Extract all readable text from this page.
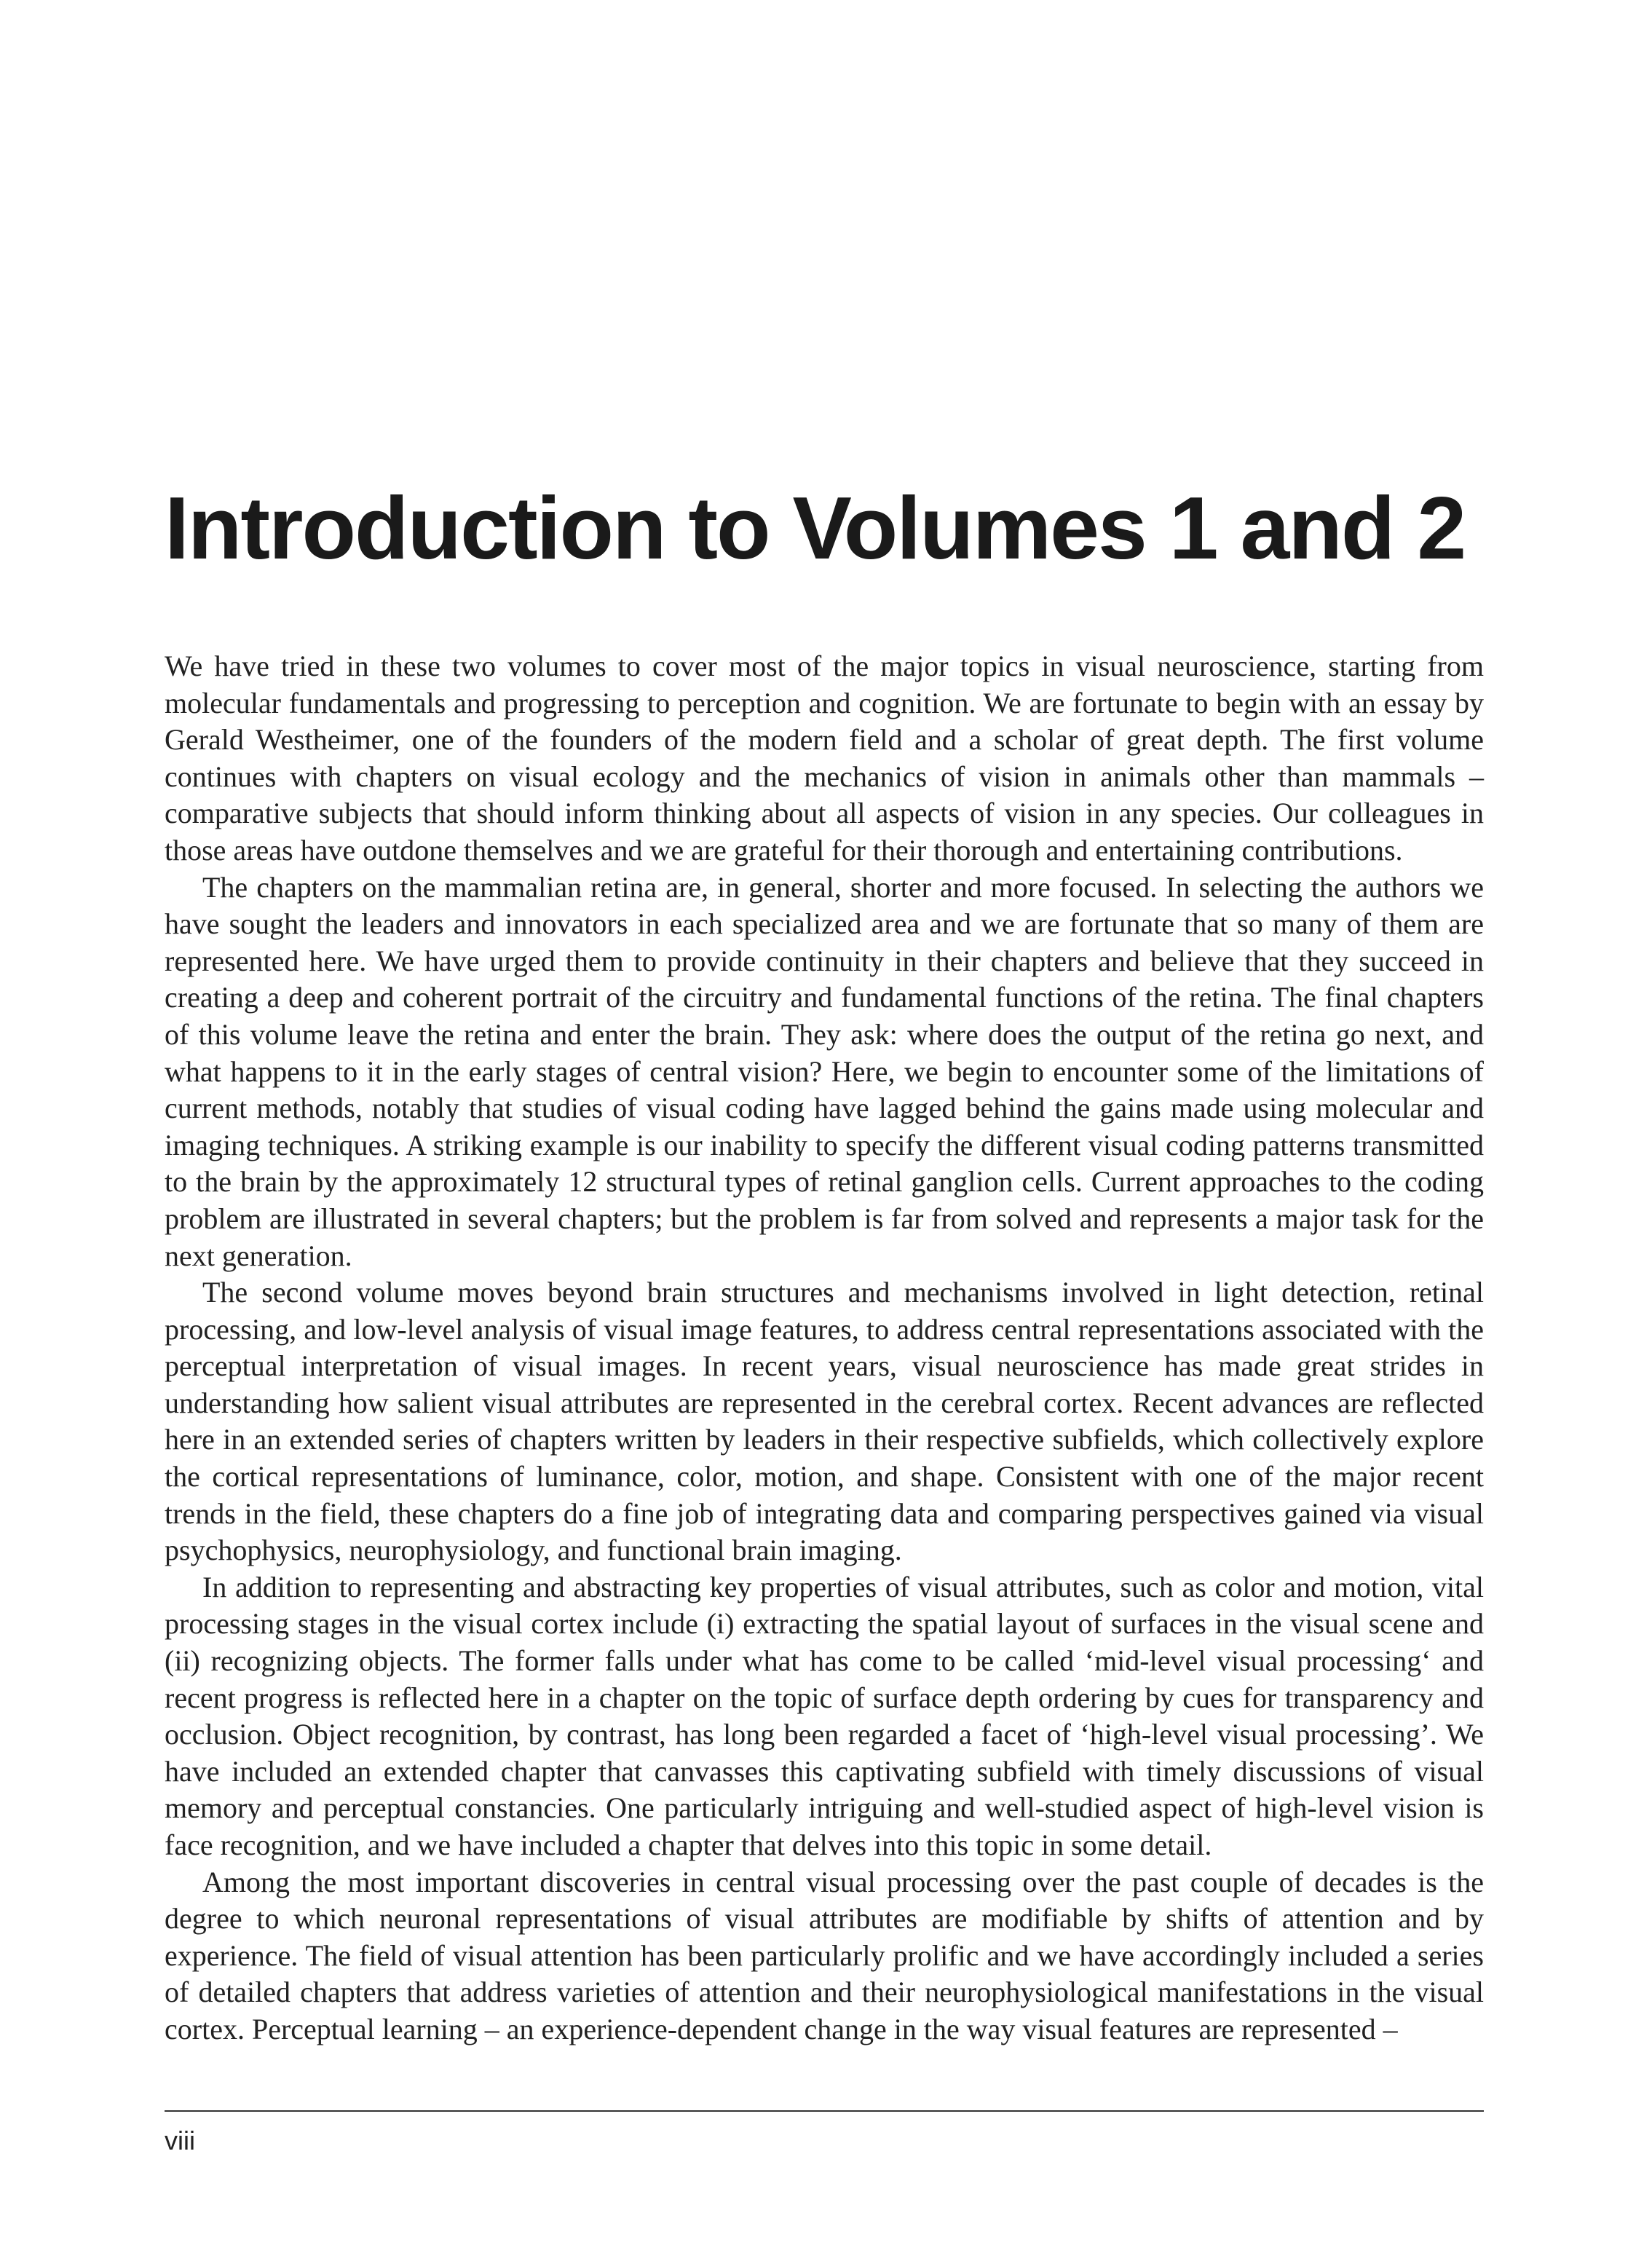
Introduction to Volumes 1 and 2

We have tried in these two volumes to cover most of the major topics in visual neuroscience, starting from molecular fundamentals and progressing to perception and cognition. We are fortunate to begin with an essay by Gerald Westheimer, one of the founders of the modern field and a scholar of great depth. The first volume continues with chapters on visual ecology and the mechanics of vision in animals other than mammals – comparative subjects that should inform thinking about all aspects of vision in any species. Our colleagues in those areas have outdone themselves and we are grateful for their thorough and entertaining contributions.

The chapters on the mammalian retina are, in general, shorter and more focused. In selecting the authors we have sought the leaders and innovators in each specialized area and we are fortunate that so many of them are represented here. We have urged them to provide continuity in their chapters and believe that they succeed in creating a deep and coherent portrait of the circuitry and fundamental functions of the retina. The final chapters of this volume leave the retina and enter the brain. They ask: where does the output of the retina go next, and what happens to it in the early stages of central vision? Here, we begin to encounter some of the limitations of current methods, notably that studies of visual coding have lagged behind the gains made using molecular and imaging techniques. A striking example is our inability to specify the different visual coding patterns transmitted to the brain by the approximately 12 structural types of retinal ganglion cells. Current approaches to the coding problem are illustrated in several chapters; but the problem is far from solved and represents a major task for the next generation.

The second volume moves beyond brain structures and mechanisms involved in light detection, retinal processing, and low-level analysis of visual image features, to address central representations associated with the perceptual interpretation of visual images. In recent years, visual neuroscience has made great strides in understanding how salient visual attributes are represented in the cerebral cortex. Recent advances are reflected here in an extended series of chapters written by leaders in their respective subfields, which collectively explore the cortical representations of luminance, color, motion, and shape. Consistent with one of the major recent trends in the field, these chapters do a fine job of integrating data and comparing perspectives gained via visual psychophysics, neurophysiology, and functional brain imaging.

In addition to representing and abstracting key properties of visual attributes, such as color and motion, vital processing stages in the visual cortex include (i) extracting the spatial layout of surfaces in the visual scene and (ii) recognizing objects. The former falls under what has come to be called ‘mid-level visual processing‘ and recent progress is reflected here in a chapter on the topic of surface depth ordering by cues for transparency and occlusion. Object recognition, by contrast, has long been regarded a facet of ‘high-level visual processing’. We have included an extended chapter that canvasses this captivating subfield with timely discussions of visual memory and perceptual constancies. One particularly intriguing and well-studied aspect of high-level vision is face recognition, and we have included a chapter that delves into this topic in some detail.

Among the most important discoveries in central visual processing over the past couple of decades is the degree to which neuronal representations of visual attributes are modifiable by shifts of attention and by experience. The field of visual attention has been particularly prolific and we have accordingly included a series of detailed chapters that address varieties of attention and their neurophysiological manifestations in the visual cortex. Perceptual learning – an experience-dependent change in the way visual features are represented –

viii
